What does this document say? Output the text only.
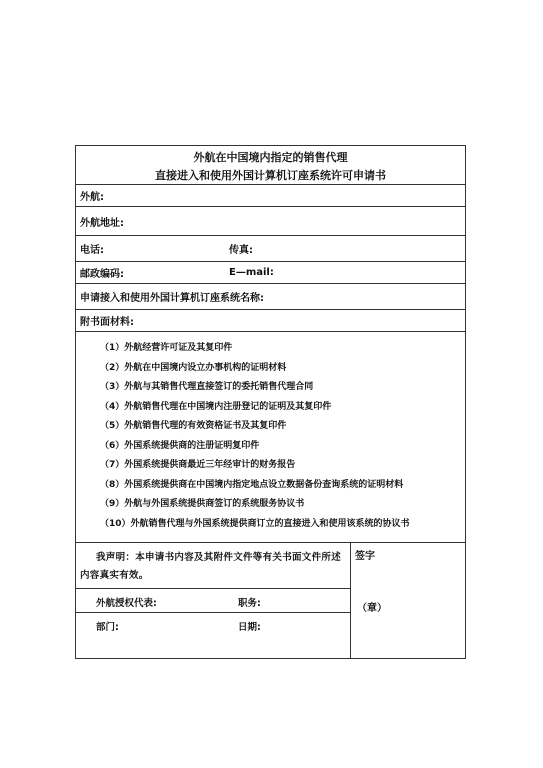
外航在中国境内指定的销售代理
直接进入和使用外国计算机订座系统许可申请书
外航:
外航地址:
电话:	传真:
邮政编码:	E—mail:
申请接入和使用外国计算机订座系统名称:
附书面材料:
（1）外航经营许可证及其复印件
（2）外航在中国境内设立办事机构的证明材料
（3）外航与其销售代理直接签订的委托销售代理合同
（4）外航销售代理在中国境内注册登记的证明及其复印件
（5）外航销售代理的有效资格证书及其复印件
（6）外国系统提供商的注册证明复印件
（7）外国系统提供商最近三年经审计的财务报告
（8）外国系统提供商在中国境内指定地点设立数据备份查询系统的证明材料
（9）外航与外国系统提供商签订的系统服务协议书
（10）外航销售代理与外国系统提供商订立的直接进入和使用该系统的协议书
我声明：本申请书内容及其附件文件等有关书面文件所述内容真实有效。
外航授权代表:	职务:
部门:	日期:
签字
（章）
